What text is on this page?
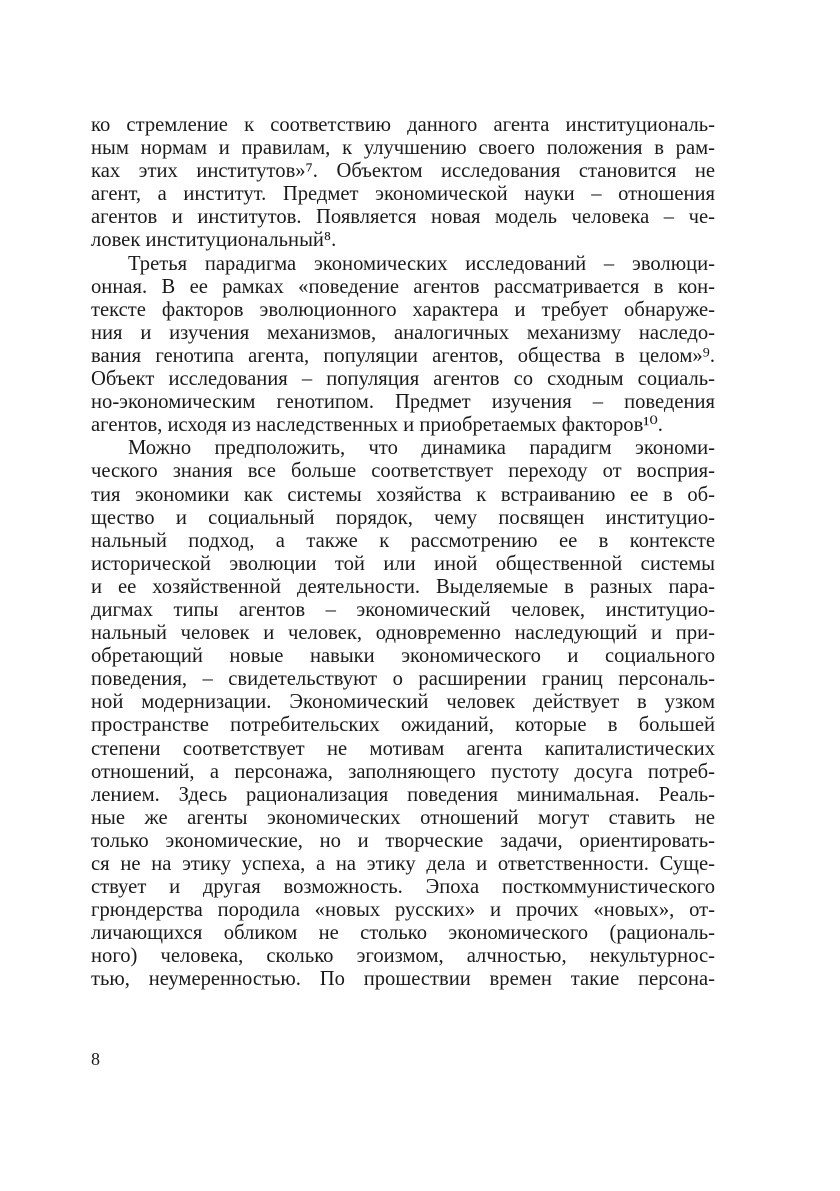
ко стремление к соответствию данного агента институциональ-
ным нормам и правилам, к улучшению своего положения в рам-
ках этих институтов»⁷. Объектом исследования становится не
агент, а институт. Предмет экономической науки – отношения
агентов и институтов. Появляется новая модель человека – че-
ловек институциональный⁸.
Третья парадигма экономических исследований – эволюци-
онная. В ее рамках «поведение агентов рассматривается в кон-
тексте факторов эволюционного характера и требует обнаруже-
ния и изучения механизмов, аналогичных механизму наследо-
вания генотипа агента, популяции агентов, общества в целом»⁹.
Объект исследования – популяция агентов со сходным социаль-
но-экономическим генотипом. Предмет изучения – поведения
агентов, исходя из наследственных и приобретаемых факторов¹⁰.
Можно предположить, что динамика парадигм экономи-
ческого знания все больше соответствует переходу от восприя-
тия экономики как системы хозяйства к встраиванию ее в об-
щество и социальный порядок, чему посвящен институцио-
нальный подход, а также к рассмотрению ее в контексте
исторической эволюции той или иной общественной системы
и ее хозяйственной деятельности. Выделяемые в разных пара-
дигмах типы агентов – экономический человек, институцио-
нальный человек и человек, одновременно наследующий и при-
обретающий новые навыки экономического и социального
поведения, – свидетельствуют о расширении границ персональ-
ной модернизации. Экономический человек действует в узком
пространстве потребительских ожиданий, которые в большей
степени соответствует не мотивам агента капиталистических
отношений, а персонажа, заполняющего пустоту досуга потреб-
лением. Здесь рационализация поведения минимальная. Реаль-
ные же агенты экономических отношений могут ставить не
только экономические, но и творческие задачи, ориентировать-
ся не на этику успеха, а на этику дела и ответственности. Суще-
ствует и другая возможность. Эпоха посткоммунистического
грюндерства породила «новых русских» и прочих «новых», от-
личающихся обликом не столько экономического (рациональ-
ного) человека, сколько эгоизмом, алчностью, некультурнос-
тью, неумеренностью. По прошествии времен такие персона-
8
